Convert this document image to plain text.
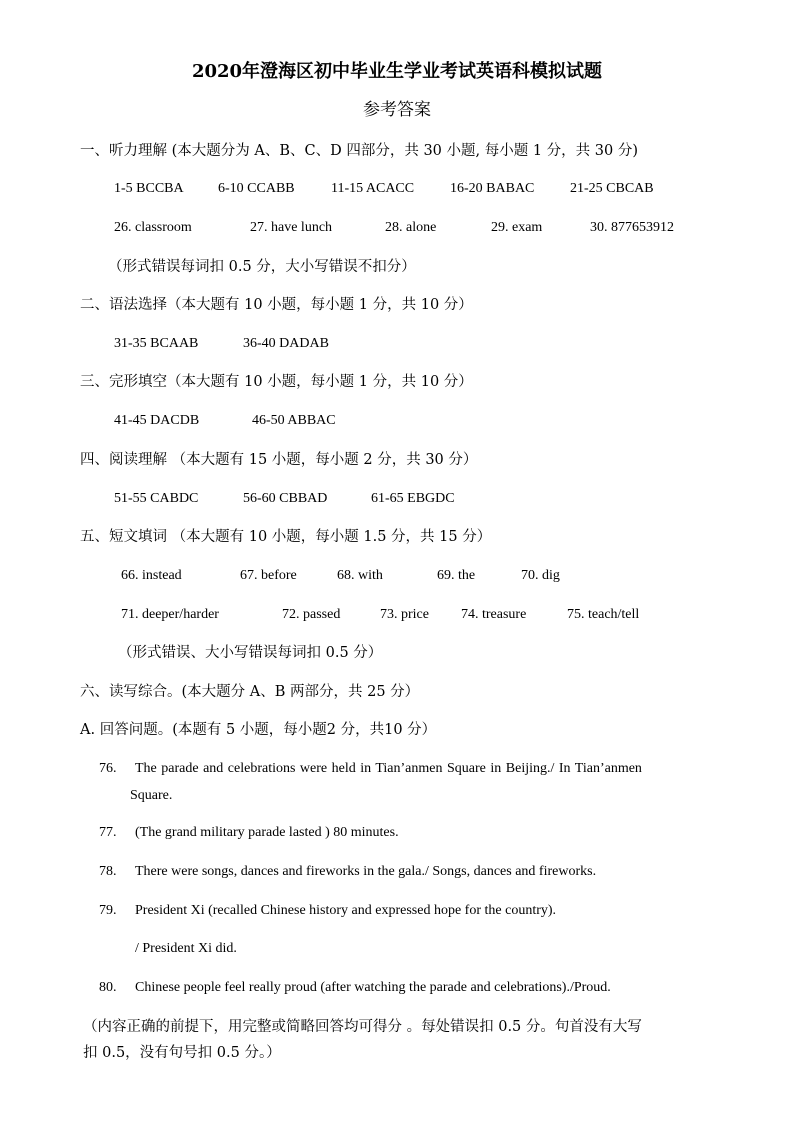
2020年澄海区初中毕业生学业考试英语科模拟试题
参考答案
一、听力理解 (本大题分为 A、B、C、D 四部分，共 30 小题, 每小题 1 分，共 30 分)
1-5 BCCBA 6-10 CCABB	11-15 ACACC	16-20 BABAC	21-25 CBCAB
26. classroom	27. have lunch	28. alone	29. exam	30. 877653912
（形式错误每词扣 0.5 分，大小写错误不扣分）
二、语法选择（本大题有 10 小题，每小题 1 分，共 10 分）
31-35 BCAAB	36-40 DADAB
三、完形填空（本大题有 10 小题，每小题 1 分，共 10 分）
41-45 DACDB	46-50 ABBAC
四、阅读理解 （本大题有 15 小题，每小题 2 分，共 30 分）
51-55 CABDC	56-60 CBBAD	61-65 EBGDC
五、短文填词 （本大题有 10 小题，每小题 1.5 分，共 15 分）
66. instead	67. before	68. with	69. the	70. dig
71. deeper/harder	72. passed	73. price 74. treasure	75. teach/tell
（形式错误、大小写错误每词扣 0.5 分）
六、读写综合。(本大题分 A、B 两部分，共 25 分）
A. 回答问题。(本题有 5 小题，每小题2 分，共10 分）
76. The parade and celebrations were held in Tian’anmen Square in Beijing./ In Tian’anmen
Square.
77. (The grand military parade lasted ) 80 minutes.
78. There were songs, dances and fireworks in the gala./ Songs, dances and fireworks.
79. President Xi (recalled Chinese history and expressed hope for the country).
/ President Xi did.
80. Chinese people feel really proud (after watching the parade and celebrations)./Proud.
（内容正确的前提下，用完整或简略回答均可得分 。每处错误扣 0.5 分。句首没有大写
扣 0.5，没有句号扣 0.5 分。）
